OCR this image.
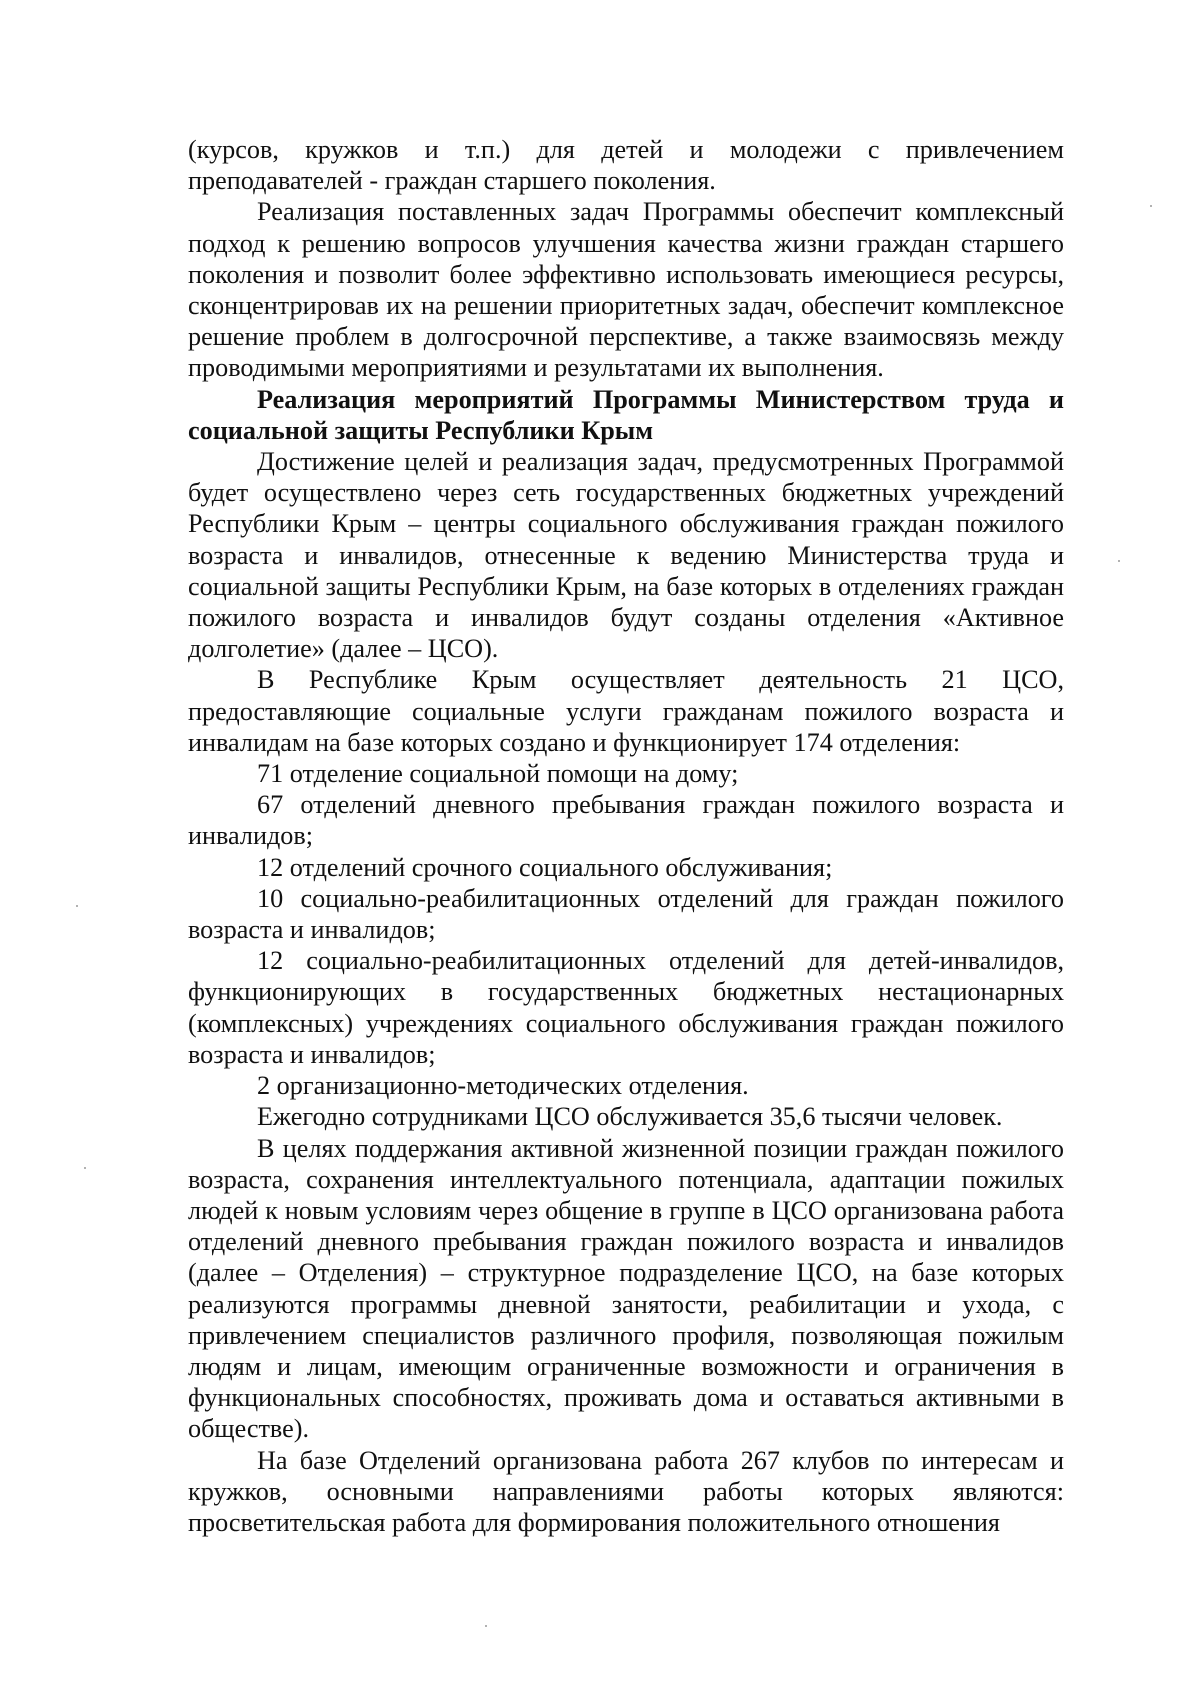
(курсов, кружков и т.п.) для детей и молодежи с привлечением преподавателей - граждан старшего поколения.

Реализация поставленных задач Программы обеспечит комплексный подход к решению вопросов улучшения качества жизни граждан старшего поколения и позволит более эффективно использовать имеющиеся ресурсы, сконцентрировав их на решении приоритетных задач, обеспечит комплексное решение проблем в долгосрочной перспективе, а также взаимосвязь между проводимыми мероприятиями и результатами их выполнения.

Реализация мероприятий Программы Министерством труда и социальной защиты Республики Крым

Достижение целей и реализация задач, предусмотренных Программой будет осуществлено через сеть государственных бюджетных учреждений Республики Крым – центры социального обслуживания граждан пожилого возраста и инвалидов, отнесенные к ведению Министерства труда и социальной защиты Республики Крым, на базе которых в отделениях граждан пожилого возраста и инвалидов будут созданы отделения «Активное долголетие» (далее – ЦСО).

В Республике Крым осуществляет деятельность 21 ЦСО, предоставляющие социальные услуги гражданам пожилого возраста и инвалидам на базе которых создано и функционирует 174 отделения:

71 отделение социальной помощи на дому;

67 отделений дневного пребывания граждан пожилого возраста и инвалидов;

12 отделений срочного социального обслуживания;

10 социально-реабилитационных отделений для граждан пожилого возраста и инвалидов;

12 социально-реабилитационных отделений для детей-инвалидов, функционирующих в государственных бюджетных нестационарных (комплексных) учреждениях социального обслуживания граждан пожилого возраста и инвалидов;

2 организационно-методических отделения.

Ежегодно сотрудниками ЦСО обслуживается 35,6 тысячи человек.

В целях поддержания активной жизненной позиции граждан пожилого возраста, сохранения интеллектуального потенциала, адаптации пожилых людей к новым условиям через общение в группе в ЦСО организована работа отделений дневного пребывания граждан пожилого возраста и инвалидов (далее – Отделения) – структурное подразделение ЦСО, на базе которых реализуются программы дневной занятости, реабилитации и ухода, с привлечением специалистов различного профиля, позволяющая пожилым людям и лицам, имеющим ограниченные возможности и ограничения в функциональных способностях, проживать дома и оставаться активными в обществе).

На базе Отделений организована работа 267 клубов по интересам и кружков, основными направлениями работы которых являются: просветительская работа для формирования положительного отношения
